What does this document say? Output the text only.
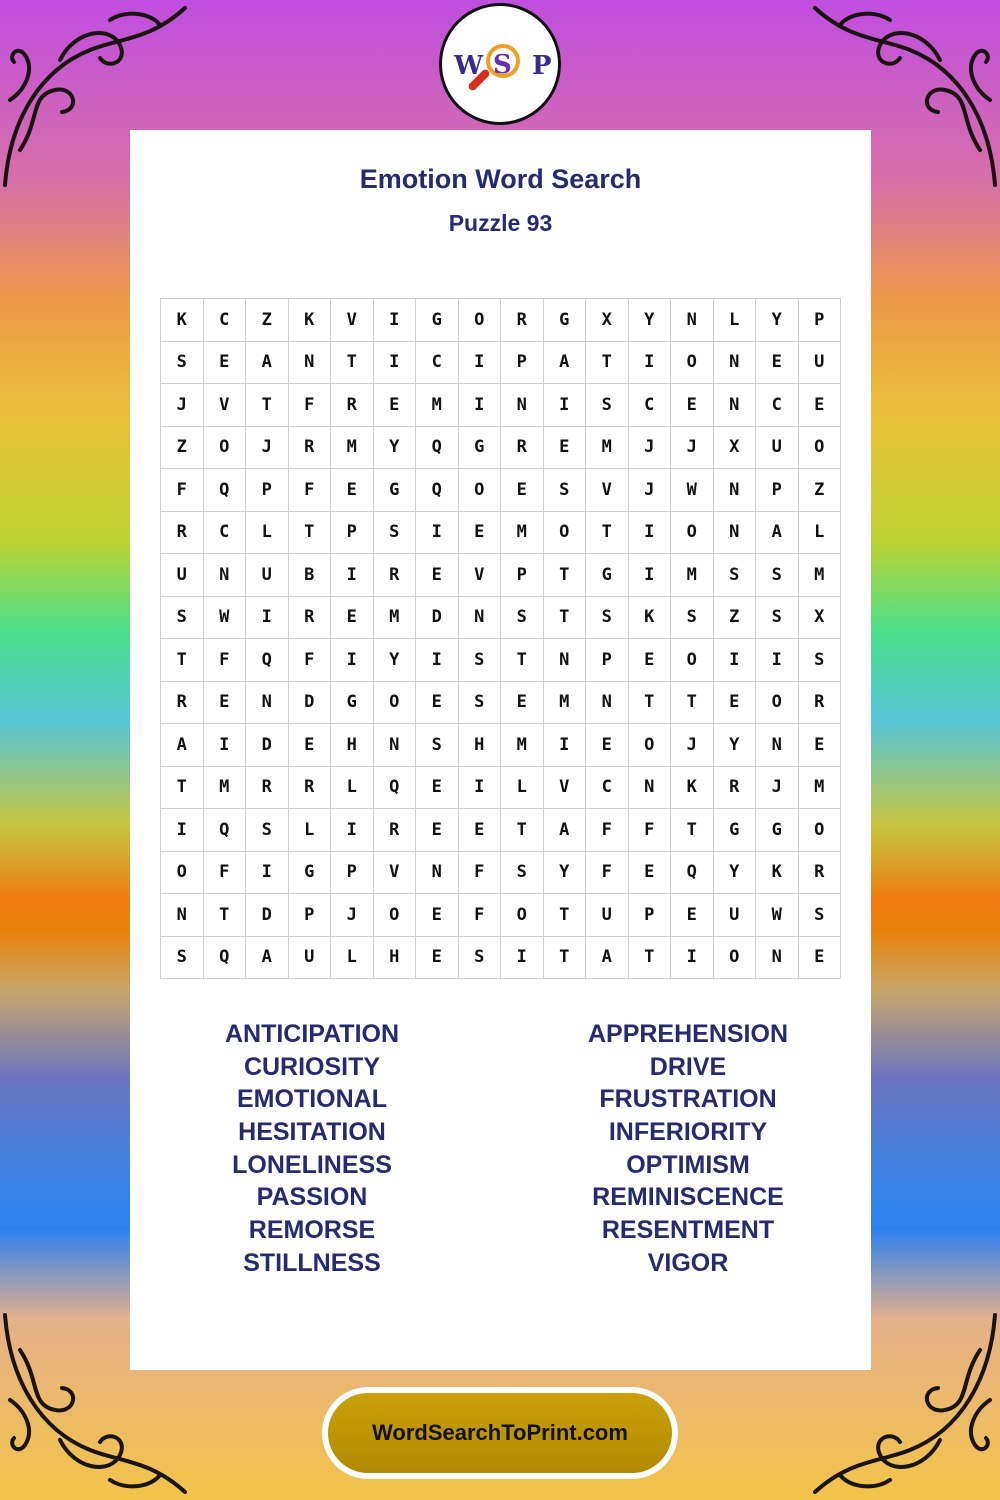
W S P
Emotion Word Search
Puzzle 93
K	C	Z	K	V	I	G	O	R	G	X	Y	N	L	Y	P
S	E	A	N	T	I	C	I	P	A	T	I	O	N	E	U
J	V	T	F	R	E	M	I	N	I	S	C	E	N	C	E
Z	O	J	R	M	Y	Q	G	R	E	M	J	J	X	U	O
F	Q	P	F	E	G	Q	O	E	S	V	J	W	N	P	Z
R	C	L	T	P	S	I	E	M	O	T	I	O	N	A	L
U	N	U	B	I	R	E	V	P	T	G	I	M	S	S	M
S	W	I	R	E	M	D	N	S	T	S	K	S	Z	S	X
T	F	Q	F	I	Y	I	S	T	N	P	E	O	I	I	S
R	E	N	D	G	O	E	S	E	M	N	T	T	E	O	R
A	I	D	E	H	N	S	H	M	I	E	O	J	Y	N	E
T	M	R	R	L	Q	E	I	L	V	C	N	K	R	J	M
I	Q	S	L	I	R	E	E	T	A	F	F	T	G	G	O
O	F	I	G	P	V	N	F	S	Y	F	E	Q	Y	K	R
N	T	D	P	J	O	E	F	O	T	U	P	E	U	W	S
S	Q	A	U	L	H	E	S	I	T	A	T	I	O	N	E
ANTICIPATION
CURIOSITY
EMOTIONAL
HESITATION
LONELINESS
PASSION
REMORSE
STILLNESS
APPREHENSION
DRIVE
FRUSTRATION
INFERIORITY
OPTIMISM
REMINISCENCE
RESENTMENT
VIGOR
WordSearchToPrint.com
